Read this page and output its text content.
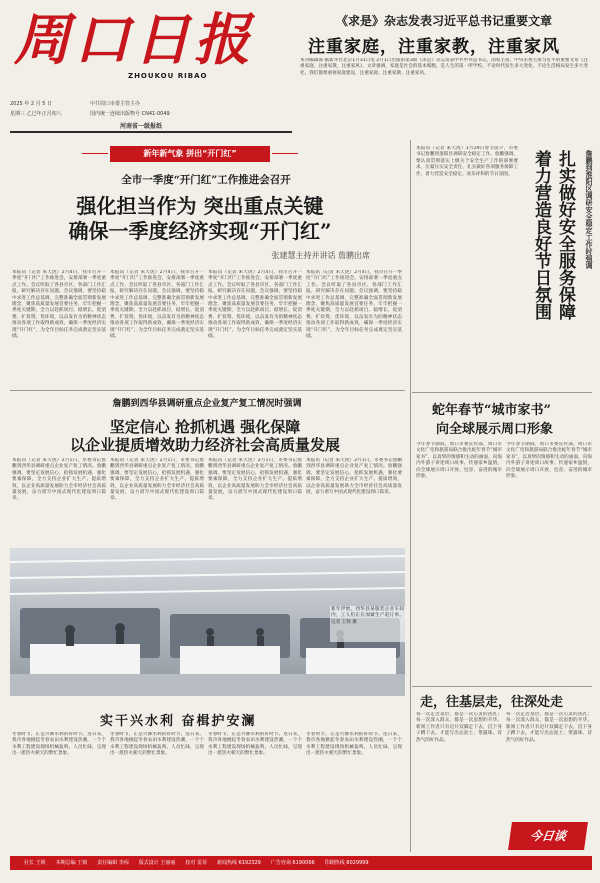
周口日报
ZHOUKOU RIBAO
《求是》杂志发表习近平总书记重要文章
注重家庭，注重家教，注重家风
本刊编辑部 据新华社北京1月31日电 2月1日出版的第3期《求是》杂志发表中共中央总书记、国家主席、中央军委主席习近平的重要文章《注重家庭，注重家教，注重家风》。文章强调，家庭是社会的基本细胞，是人生的第一所学校。不论时代发生多大变化，不论生活格局发生多大变化，我们都要重视家庭建设，注重家庭、注重家教、注重家风。
2025 年 2 月 5 日	中共周口市委主管主办
星期三 乙巳年正月初八	国内统一连续出版物号 CN41-0049
河南省一级报纸
新年新气象 拼出“开门红”
全市一季度“开门红”工作推进会召开
强化担当作为 突出重点关键
确保一季度经济实现“开门红”
张建慧主持并讲话 詹鹏出席
本报讯（记者 朱天虎）2月4日，我市召开一季度“开门红”工作推进会，安排部署一季度重点工作。会议听取了各县市区、各部门工作汇报，研究解决存在问题。会议强调，要坚持稳中求进工作总基调，完整准确全面贯彻新发展理念，聚焦高质量发展首要任务，牢牢把握一季度关键期，全力以赴抓项目、稳增长、促消费、扩投资、优环境，以奋发有为的精神状态推动各项工作取得新成效，确保一季度经济实现“开门红”，为全年目标任务完成奠定坚实基础。
本报讯（记者 朱天虎）2月4日，我市召开一季度“开门红”工作推进会，安排部署一季度重点工作。会议听取了各县市区、各部门工作汇报，研究解决存在问题。会议强调，要坚持稳中求进工作总基调，完整准确全面贯彻新发展理念，聚焦高质量发展首要任务，牢牢把握一季度关键期，全力以赴抓项目、稳增长、促消费、扩投资、优环境，以奋发有为的精神状态推动各项工作取得新成效，确保一季度经济实现“开门红”，为全年目标任务完成奠定坚实基础。
本报讯（记者 朱天虎）2月4日，我市召开一季度“开门红”工作推进会，安排部署一季度重点工作。会议听取了各县市区、各部门工作汇报，研究解决存在问题。会议强调，要坚持稳中求进工作总基调，完整准确全面贯彻新发展理念，聚焦高质量发展首要任务，牢牢把握一季度关键期，全力以赴抓项目、稳增长、促消费、扩投资、优环境，以奋发有为的精神状态推动各项工作取得新成效，确保一季度经济实现“开门红”，为全年目标任务完成奠定坚实基础。
本报讯（记者 朱天虎）2月4日，我市召开一季度“开门红”工作推进会，安排部署一季度重点工作。会议听取了各县市区、各部门工作汇报，研究解决存在问题。会议强调，要坚持稳中求进工作总基调，完整准确全面贯彻新发展理念，聚焦高质量发展首要任务，牢牢把握一季度关键期，全力以赴抓项目、稳增长、促消费、扩投资、优环境，以奋发有为的精神状态推动各项工作取得新成效，确保一季度经济实现“开门红”，为全年目标任务完成奠定坚实基础。
詹鹏到西华县调研重点企业复产复工情况时强调
坚定信心 抢抓机遇 强化保障
以企业提质增效助力经济社会高质量发展
本报讯（记者 朱天虎）2月1日，市委书记詹鹏到西华县调研重点企业复产复工情况。詹鹏强调，要坚定发展信心，抢抓发展机遇，强化要素保障，全力支持企业扩大生产、提质增效，以企业高质量发展助力全市经济社会高质量发展，奋力谱写中国式现代化建设周口篇章。
本报讯（记者 朱天虎）2月1日，市委书记詹鹏到西华县调研重点企业复产复工情况。詹鹏强调，要坚定发展信心，抢抓发展机遇，强化要素保障，全力支持企业扩大生产、提质增效，以企业高质量发展助力全市经济社会高质量发展，奋力谱写中国式现代化建设周口篇章。
本报讯（记者 朱天虎）2月1日，市委书记詹鹏到西华县调研重点企业复产复工情况。詹鹏强调，要坚定发展信心，抢抓发展机遇，强化要素保障，全力支持企业扩大生产、提质增效，以企业高质量发展助力全市经济社会高质量发展，奋力谱写中国式现代化建设周口篇章。
本报讯（记者 朱天虎）2月1日，市委书记詹鹏到西华县调研重点企业复产复工情况。詹鹏强调，要坚定发展信心，抢抓发展机遇，强化要素保障，全力支持企业扩大生产、提质增效，以企业高质量发展助力全市经济社会高质量发展，奋力谱写中国式现代化建设周口篇章。
新年伊始，西华县某服装企业车间内，工人们正在加紧生产赶订单。记者 王铁 摄
实干兴水利 奋楫护安澜
冬春时节，正是兴修水利的好时节。连日来，我市各地掀起冬春农田水利建设热潮，一个个水利工程建设现场机械轰鸣、人员忙碌，呈现出一派热火朝天的繁忙景象。
冬春时节，正是兴修水利的好时节。连日来，我市各地掀起冬春农田水利建设热潮，一个个水利工程建设现场机械轰鸣、人员忙碌，呈现出一派热火朝天的繁忙景象。
冬春时节，正是兴修水利的好时节。连日来，我市各地掀起冬春农田水利建设热潮，一个个水利工程建设现场机械轰鸣、人员忙碌，呈现出一派热火朝天的繁忙景象。
冬春时节，正是兴修水利的好时节。连日来，我市各地掀起冬春农田水利建设热潮，一个个水利工程建设现场机械轰鸣、人员忙碌，呈现出一派热火朝天的繁忙景象。
本报讯（记者 朱天虎）1月29日春节前夕，市委书记詹鹏到淮阳区调研安全稳定工作。詹鹏强调，要认真贯彻落实上级关于安全生产工作的部署要求，压紧压实安全责任，扎实做好各项服务保障工作，着力营造安全稳定、欢乐祥和的节日氛围。	詹鹏到淮阳区调研安全稳定工作时强调
扎实做好安全服务保障
着力营造良好节日氛围
蛇年春节“城市家书”
向全球展示周口形象
今年春节期间，周口市委宣传部、周口市文化广电和旅游局联合推出蛇年春节“城市家书”，以真挚的情感和生动的画面，向海内外游子讲述周口故事、传递家乡温情，向全球展示周口开放、包容、奋进的城市形象。
今年春节期间，周口市委宣传部、周口市文化广电和旅游局联合推出蛇年春节“城市家书”，以真挚的情感和生动的画面，向海内外游子讲述周口故事、传递家乡温情，向全球展示周口开放、包容、奋进的城市形象。
走，往基层走，往深处走
每一次走近基层，都是一次心灵的洗礼；每一次深入群众，都是一次思想的升华。新闻工作者只有迈开双脚走下去，沉下身子蹲下去，才能写出沾泥土、带露珠、冒热气的好作品。
每一次走近基层，都是一次心灵的洗礼；每一次深入群众，都是一次思想的升华。新闻工作者只有迈开双脚走下去，沉下身子蹲下去，才能写出沾泥土、带露珠、冒热气的好作品。
今日谈
社长 王锁 本期总编 王锁 责任编辑 李闯 版式设计 王丽丽 校对 雷菲 新闻热线 6192329 广告咨询 6190066 印刷热线 8029999
